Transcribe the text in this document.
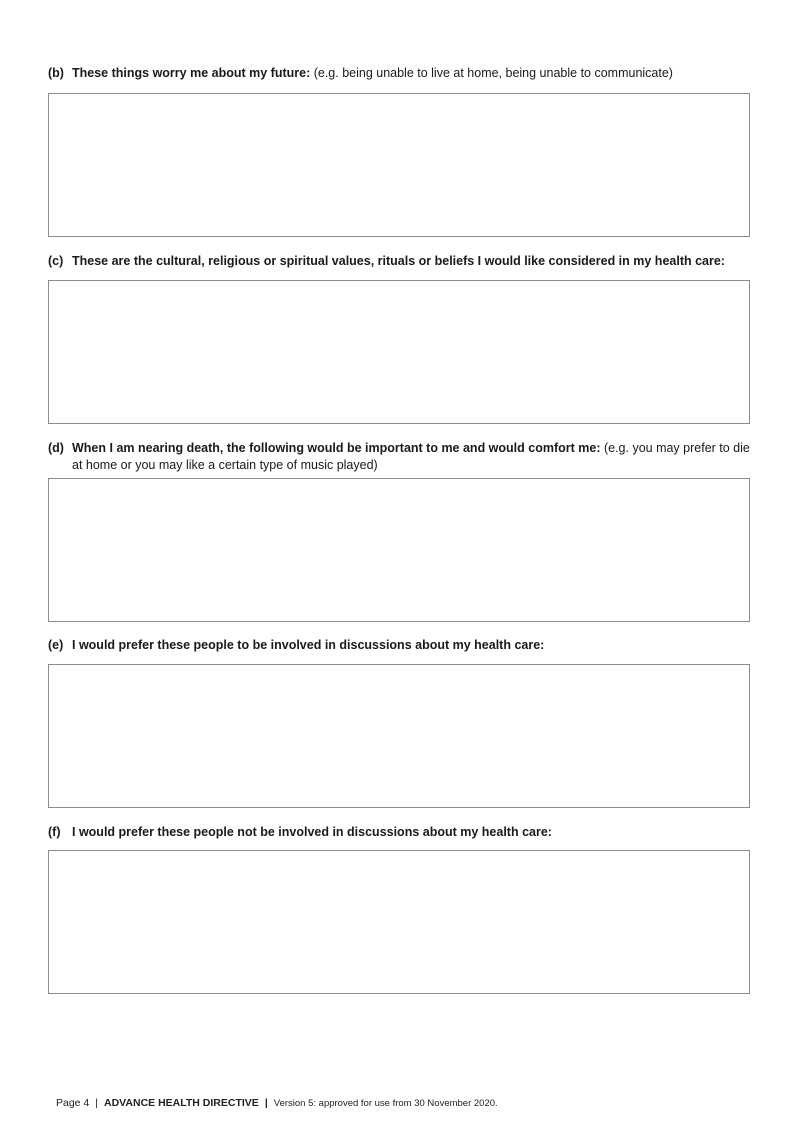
(b) These things worry me about my future: (e.g. being unable to live at home, being unable to communicate)
(c) These are the cultural, religious or spiritual values, rituals or beliefs I would like considered in my health care:
(d) When I am nearing death, the following would be important to me and would comfort me: (e.g. you may prefer to die at home or you may like a certain type of music played)
(e) I would prefer these people to be involved in discussions about my health care:
(f) I would prefer these people not be involved in discussions about my health care:
Page 4 | ADVANCE HEALTH DIRECTIVE | Version 5: approved for use from 30 November 2020.
